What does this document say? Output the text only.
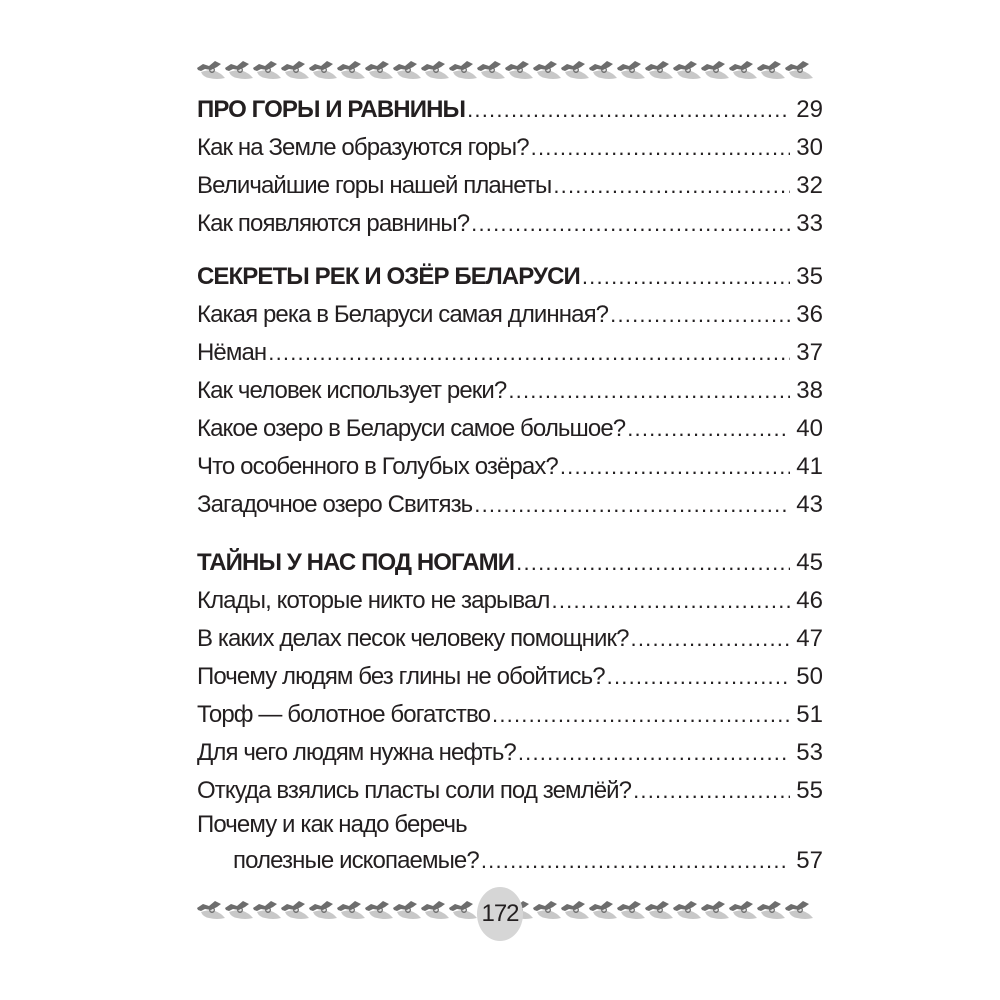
ПРО ГОРЫ И РАВНИНЫ .....	29
Как на Земле образуются горы? .....	30
Величайшие горы нашей планеты .....	32
Как появляются равнины? .....	33
СЕКРЕТЫ РЕК И ОЗЁР БЕЛАРУСИ .....	35
Какая река в Беларуси самая длинная? .....	36
Нёман .....	37
Как человек использует реки? .....	38
Какое озеро в Беларуси самое большое? .....	40
Что особенного в Голубых озёрах? .....	41
Загадочное озеро Свитязь .....	43
ТАЙНЫ У НАС ПОД НОГАМИ .....	45
Клады, которые никто не зарывал .....	46
В каких делах песок человеку помощник? .....	47
Почему людям без глины не обойтись? .....	50
Торф — болотное богатство .....	51
Для чего людям нужна нефть? .....	53
Откуда взялись пласты соли под землёй? .....	55
Почему и как надо беречь
полезные ископаемые? .....	57
172
